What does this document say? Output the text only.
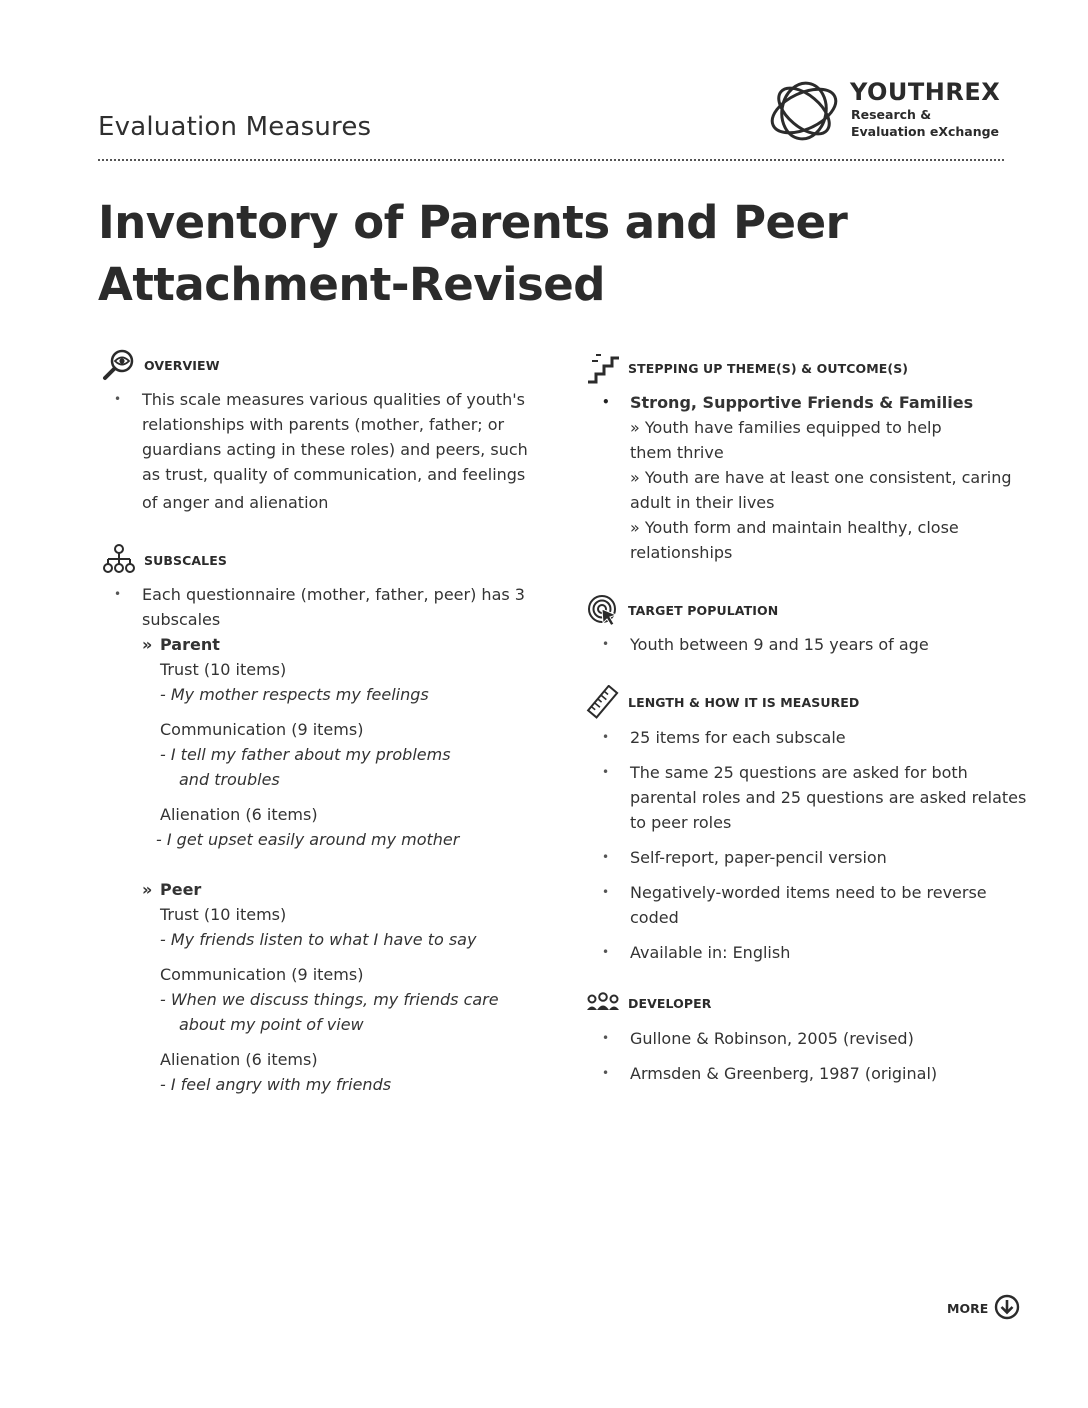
Evaluation Measures
YOUTHREX
Research &
Evaluation eXchange
Inventory of Parents and Peer
Attachment-Revised
OVERVIEW
• This scale measures various qualities of youth's
relationships with parents (mother, father; or
guardians acting in these roles) and peers, such
as trust, quality of communication, and feelings
of anger and alienation
SUBSCALES
• Each questionnaire (mother, father, peer) has 3
subscales
» Parent
Trust (10 items)
- My mother respects my feelings
Communication (9 items)
- I tell my father about my problems
and troubles
Alienation (6 items)
- I get upset easily around my mother
» Peer
Trust (10 items)
- My friends listen to what I have to say
Communication (9 items)
- When we discuss things, my friends care
about my point of view
Alienation (6 items)
- I feel angry with my friends
STEPPING UP THEME(S) & OUTCOME(S)
• Strong, Supportive Friends & Families
» Youth have families equipped to help
them thrive
» Youth are have at least one consistent, caring
adult in their lives
» Youth form and maintain healthy, close
relationships
TARGET POPULATION
• Youth between 9 and 15 years of age
LENGTH & HOW IT IS MEASURED
• 25 items for each subscale
• The same 25 questions are asked for both
parental roles and 25 questions are asked relates
to peer roles
• Self-report, paper-pencil version
• Negatively-worded items need to be reverse
coded
• Available in: English
DEVELOPER
• Gullone & Robinson, 2005 (revised)
• Armsden & Greenberg, 1987 (original)
MORE
